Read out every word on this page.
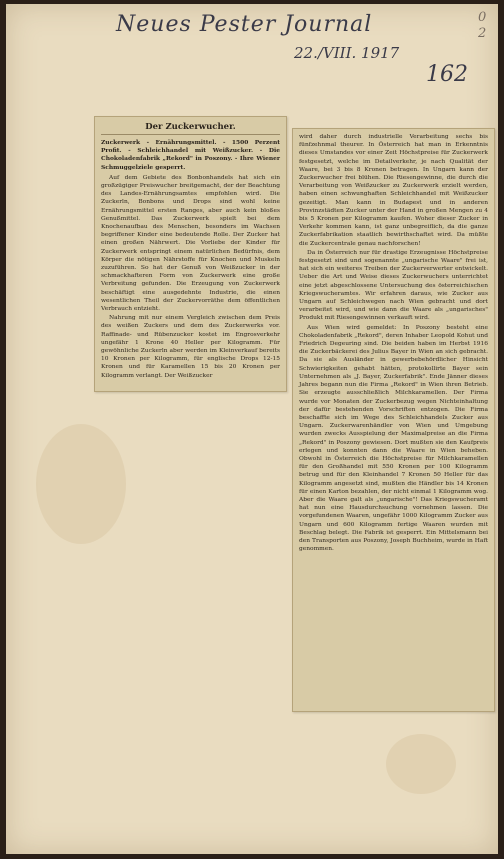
Neues Pester Journal
22./VIII. 1917
162
0 2
Der Zuckerwucher.
Zuckerwerk - Ernährungsmittel. - 1500 Perzent Profit. - Schleichhandel mit Weißzucker. - Die Chokoladenfabrik „Rekord" in Poszony. - Ihre Wiener Schmuggelziele gesperrt.

Auf dem Gebiete des Bonbonhandels hat sich ein großzügiger Preiswucher breitgemacht, der der Beachtung des Landes-Ernährungsamtes empfohlen wird. Die Zuckerln, Bonbons und Drops sind wohl keine Ernährungsmittel ersten Ranges, aber auch kein bloßes Genußmittel. Das Zuckerwerk spielt bei dem Knochenaufbau des Menschen, besonders im Wachsen begriffener Kinder eine bedeutende Rolle. Der Zucker hat einen großen Nährwert. Die Vorliebe der Kinder für Zuckerwerk entspringt einem natürlichen Bedürfnis, dem Körper die nötigen Nährstoffe für Knochen und Muskeln zuzuführen. So hat der Genuß von Weißzucker in der schmackhafteren Form von Zuckerwerk eine große Verbreitung gefunden. Die Erzeugung von Zuckerwerk beschäftigt eine ausgedehnte Industrie, die einen wesentlichen Theil der Zuckervorräthe dem öffentlichen Verbrauch entzieht.

Nahrung mit nur einem Vergleich zwischen dem Preis des weißen Zuckers und dem des Zuckerwerks vor. Raffinade- und Rübenzucker kostet im Engrosverkehr ungefähr 1 Krone 40 Heller per Kilogramm. Für gewöhnliche Zuckerln aber werden im Kleinverkauf bereits 10 Kronen per Kilogramm, für englische Drops 12-15 Kronen und für Karamellen 15 bis 20 Kronen per Kilogramm verlangt. Der Weißzucker

wird daher durch industrielle Verarbeitung sechs bis fünfzehnmal theurer. In Österreich hat man in Erkenntnis dieses Umstandes vor einer Zeit Höchstpreise für Zuckerwerk festgesetzt, welche im Detailverkehr, je nach Qualität der Waare, bei 3 bis 8 Kronen betragen. In Ungarn kann der Zuckerwucher frei blühen. Die Riesengewinne, die durch die Verarbeitung von Weißzucker zu Zuckerwerk erzielt werden, haben einen schwunghaften Schleichhandel mit Weißzucker gezeitigt. Man kann in Budapest und in anderen Provinzstädten Zucker unter der Hand in großen Mengen zu 4 bis 5 Kronen per Kilogramm kaufen. Woher dieser Zucker in Verkehr kommen kann, ist ganz unbegreiflich, da die ganze Zuckerfabrikation staatlich bewirthschaftet wird. Da müßte die Zuckercentrale genau nachforschen!

Da in Österreich nur für drastige Erzeugnisse Höchstpreise festgesetzt sind und sogenannte „ungarische Waare" frei ist, hat sich ein weiteres Treiben der Zuckerverwerter entwickelt. Ueber die Art und Weise dieses Zuckerwuchers unterrichtet eine jetzt abgeschlossene Untersuchung des österreichischen Kriegswucheramtes. Wir erfahren daraus, wie Zucker aus Ungarn auf Schleichwegen nach Wien gebracht und dort verarbeitet wird, und wie dann die Waare als „ungarisches" Produkt mit Riesengewinnen verkauft wird.

Aus Wien wird gemeldet: In Poszony besteht eine Chokoladenfabrik „Rekord", deren Inhaber Leopold Kohut und Friedrich Degeuring sind. Die beiden haben im Herbst 1916 die Zuckerbäckerei des Julius Bayer in Wien an sich gebracht. Da sie als Ausländer in gewerbebehördlicher Hinsicht Schwierigkeiten gehabt hätten, protokollirte Bayer sein Unternehmen als „J. Bayer, Zuckerfabrik". Ende Jänner dieses Jahres begann nun die Firma „Rekord" in Wien ihren Betrieb. Sie erzeugte ausschließlich Milchkaramellen. Der Firma wurde vor Monaten der Zuckerbezug wegen Nichteinhaltung der dafür bestehenden Vorschriften entzogen. Die Firma beschaffte sich im Wege des Schleichhandels Zucker aus Ungarn. Zuckerwarenhändler von Wien und Umgebung wurden zwecks Ausspielung der Maximalpreise an die Firma „Rekord" in Poszony gewiesen. Dort mußten sie den Kaufpreis erlegen und konnten dann die Waare in Wien beheben. Obwohl in Österreich die Höchstpreise für Milchkaramellen für den Großhandel mit 550 Kronen per 100 Kilogramm betrug und für den Kleinhandel 7 Kronen 50 Heller für das Kilogramm angesetzt sind, mußten die Händler bis 14 Kronen für einen Karton bezahlen, der nicht einmal 1 Kilogramm wog. Aber die Waare galt als „ungarische"! Das Kriegswucheramt hat nun eine Hausdurchsuchung vornehmen lassen. Die vorgefundenen Waaren, ungefähr 1000 Kilogramm Zucker aus Ungarn und 600 Kilogramm fertige Waaren wurden mit Beschlag belegt. Die Fabrik ist gesperrt. Ein Mittelsmann bei den Transporten aus Poszony, Joseph Buchheim, wurde in Haft genommen.
